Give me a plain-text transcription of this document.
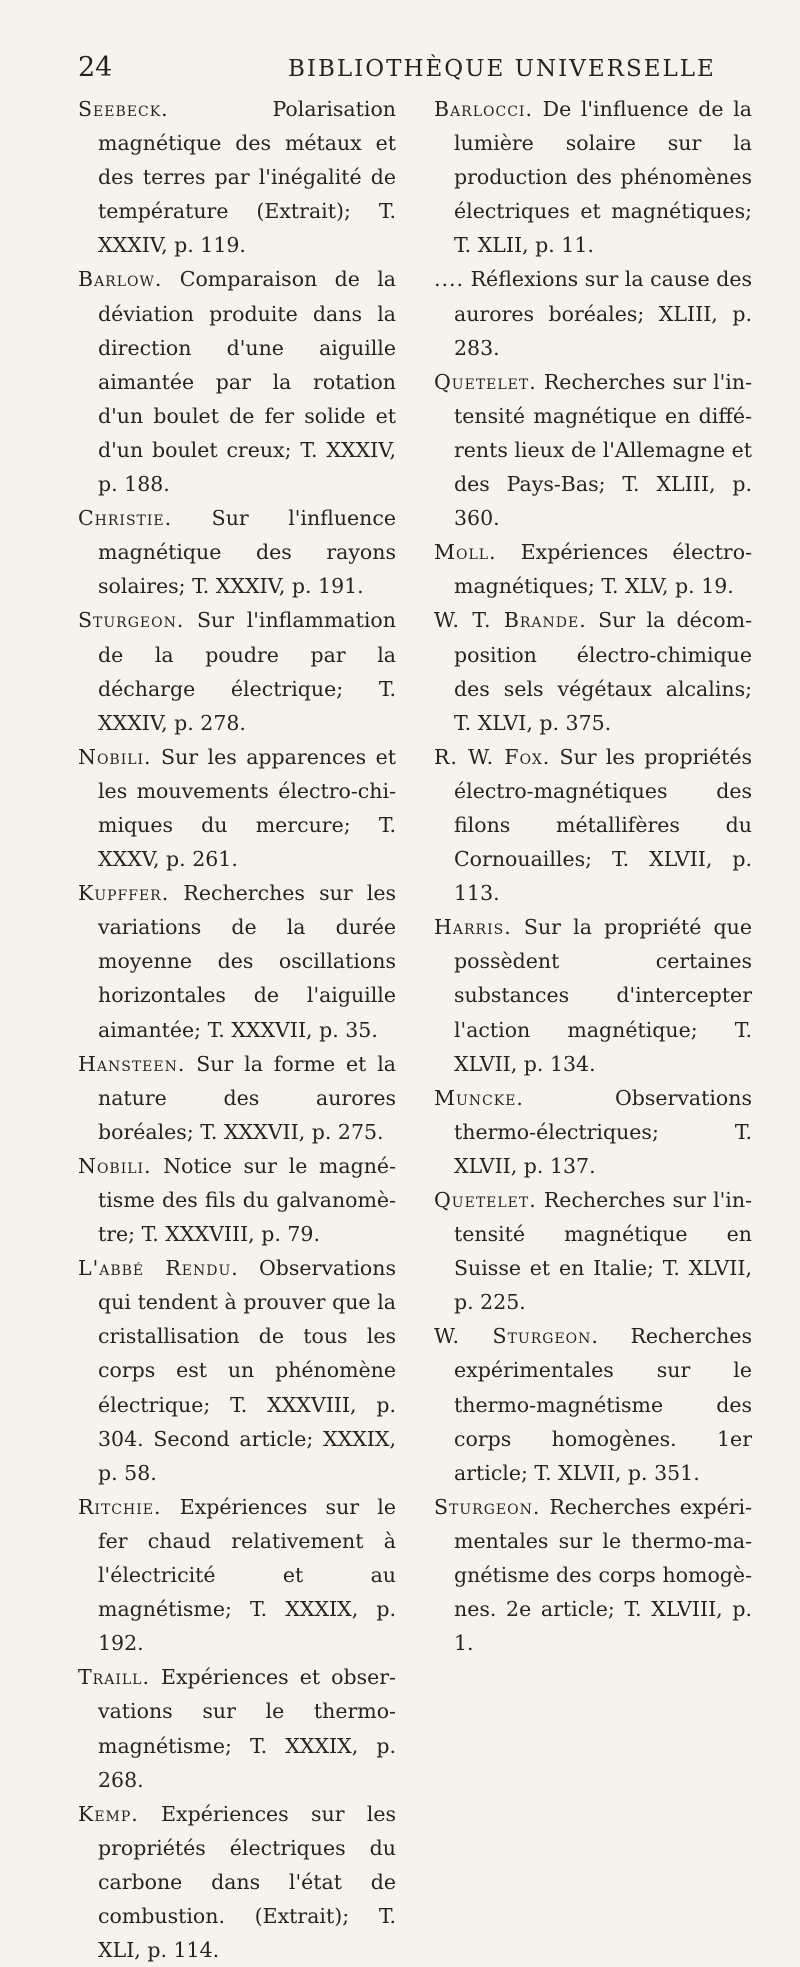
24	BIBLIOTHÈQUE UNIVERSELLE

Seebeck.	Polarisation magnétique des métaux et des terres par l'inégalité de température (Extrait); T. XXXIV, p. 119.

Barlow. Comparaison de la déviation produite dans la direction d'une aiguille aimantée par la rotation d'un boulet de fer solide et d'un boulet creux; T. XXXIV, p. 188.

Christie. Sur l'influence magnétique des rayons solaires; T. XXXIV, p. 191.

Sturgeon. Sur l'inflammation de la poudre par la décharge électrique; T. XXXIV, p. 278.

Nobili. Sur les apparences et les mouvements électro-chimiques du mercure; T. XXXV, p. 261.

Kupffer. Recherches sur les variations de la durée moyenne des oscillations horizontales de l'aiguille aimantée; T. XXXVII, p. 35.

Hansteen. Sur la forme et la nature des aurores boréales; T. XXXVII, p. 275.

Nobili. Notice sur le magnétisme des fils du galvanomètre; T. XXXVIII, p. 79.

L'abbé Rendu. Observations qui tendent à prouver que la cristallisation de tous les corps est un phénomène électrique; T. XXXVIII, p. 304. Second article; XXXIX, p. 58.

Ritchie. Expériences sur le fer chaud relativement à l'électricité et au magnétisme; T. XXXIX, p. 192.

Traill. Expériences et observations sur le thermo-magnétisme; T. XXXIX, p. 268.

Kemp. Expériences sur les propriétés électriques du carbone dans l'état de combustion. (Extrait); T. XLI, p. 114.

Barlocci. De l'influence de la lumière solaire sur la production des phénomènes électriques et magnétiques; T. XLII, p. 11.

.... Réflexions sur la cause des aurores boréales; XLIII, p. 283.

Quetelet. Recherches sur l'intensité magnétique en différents lieux de l'Allemagne et des Pays-Bas; T. XLIII, p. 360.

Moll. Expériences électro-magnétiques; T. XLV, p. 19.

W. T. Brande. Sur la décomposition électro-chimique des sels végétaux alcalins; T. XLVI, p. 375.

R. W. Fox. Sur les propriétés électro-magnétiques des filons métallifères du Cornouailles; T. XLVII, p. 113.

Harris. Sur la propriété que possèdent certaines substances d'intercepter l'action magnétique; T. XLVII, p. 134.

Muncke.	Observations thermo-électriques; T. XLVII, p. 137.

Quetelet. Recherches sur l'intensité magnétique en Suisse et en Italie; T. XLVII, p. 225.

W. Sturgeon. Recherches expérimentales sur le thermo-magnétisme des corps homogènes. 1er article; T. XLVII, p. 351.

Sturgeon. Recherches expérimentales sur le thermo-magnétisme des corps homogènes. 2e article; T. XLVIII, p. 1.
